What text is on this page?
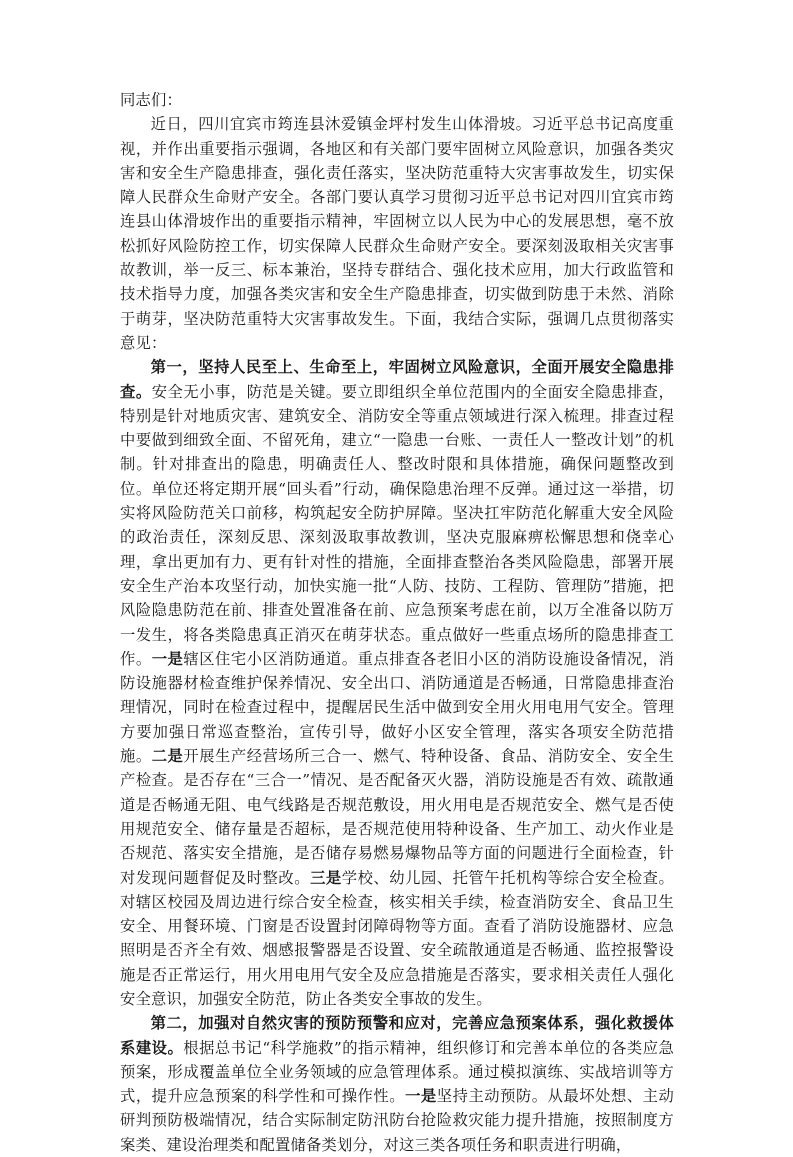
同志们：

近日，四川宜宾市筠连县沐爱镇金坪村发生山体滑坡。习近平总书记高度重视，并作出重要指示强调，各地区和有关部门要牢固树立风险意识，加强各类灾害和安全生产隐患排查，强化责任落实，坚决防范重特大灾害事故发生，切实保障人民群众生命财产安全。各部门要认真学习贯彻习近平总书记对四川宜宾市筠连县山体滑坡作出的重要指示精神，牢固树立以人民为中心的发展思想，毫不放松抓好风险防控工作，切实保障人民群众生命财产安全。要深刻汲取相关灾害事故教训，举一反三、标本兼治，坚持专群结合、强化技术应用，加大行政监管和技术指导力度，加强各类灾害和安全生产隐患排查，切实做到防患于未然、消除于萌芽，坚决防范重特大灾害事故发生。下面，我结合实际，强调几点贯彻落实意见：

第一，坚持人民至上、生命至上，牢固树立风险意识，全面开展安全隐患排查。安全无小事，防范是关键。要立即组织全单位范围内的全面安全隐患排查，特别是针对地质灾害、建筑安全、消防安全等重点领域进行深入梳理。排查过程中要做到细致全面、不留死角，建立“一隐患一台账、一责任人一整改计划”的机制。针对排查出的隐患，明确责任人、整改时限和具体措施，确保问题整改到位。单位还将定期开展“回头看”行动，确保隐患治理不反弹。通过这一举措，切实将风险防范关口前移，构筑起安全防护屏障。坚决扛牢防范化解重大安全风险的政治责任，深刻反思、深刻汲取事故教训，坚决克服麻痹松懈思想和侥幸心理，拿出更加有力、更有针对性的措施，全面排查整治各类风险隐患，部署开展安全生产治本攻坚行动，加快实施一批“人防、技防、工程防、管理防”措施，把风险隐患防范在前、排查处置准备在前、应急预案考虑在前，以万全准备以防万一发生，将各类隐患真正消灭在萌芽状态。重点做好一些重点场所的隐患排查工作。一是辖区住宅小区消防通道。重点排查各老旧小区的消防设施设备情况，消防设施器材检查维护保养情况、安全出口、消防通道是否畅通，日常隐患排查治理情况，同时在检查过程中，提醒居民生活中做到安全用火用电用气安全。管理方要加强日常巡查整治，宣传引导，做好小区安全管理，落实各项安全防范措施。二是开展生产经营场所三合一、燃气、特种设备、食品、消防安全、安全生产检查。是否存在“三合一”情况、是否配备灭火器，消防设施是否有效、疏散通道是否畅通无阻、电气线路是否规范敷设，用火用电是否规范安全、燃气是否使用规范安全、储存量是否超标，是否规范使用特种设备、生产加工、动火作业是否规范、落实安全措施，是否储存易燃易爆物品等方面的问题进行全面检查，针对发现问题督促及时整改。三是学校、幼儿园、托管午托机构等综合安全检查。对辖区校园及周边进行综合安全检查，核实相关手续，检查消防安全、食品卫生安全、用餐环境、门窗是否设置封闭障碍物等方面。查看了消防设施器材、应急照明是否齐全有效、烟感报警器是否设置、安全疏散通道是否畅通、监控报警设施是否正常运行，用火用电用气安全及应急措施是否落实，要求相关责任人强化安全意识，加强安全防范，防止各类安全事故的发生。

第二，加强对自然灾害的预防预警和应对，完善应急预案体系，强化救援体系建设。根据总书记“科学施救”的指示精神，组织修订和完善本单位的各类应急预案，形成覆盖单位全业务领域的应急管理体系。通过模拟演练、实战培训等方式，提升应急预案的科学性和可操作性。一是坚持主动预防。从最坏处想、主动研判预防极端情况，结合实际制定防汛防台抢险救灾能力提升措施，按照制度方案类、建设治理类和配置储备类划分，对这三类各项任务和职责进行明确，
